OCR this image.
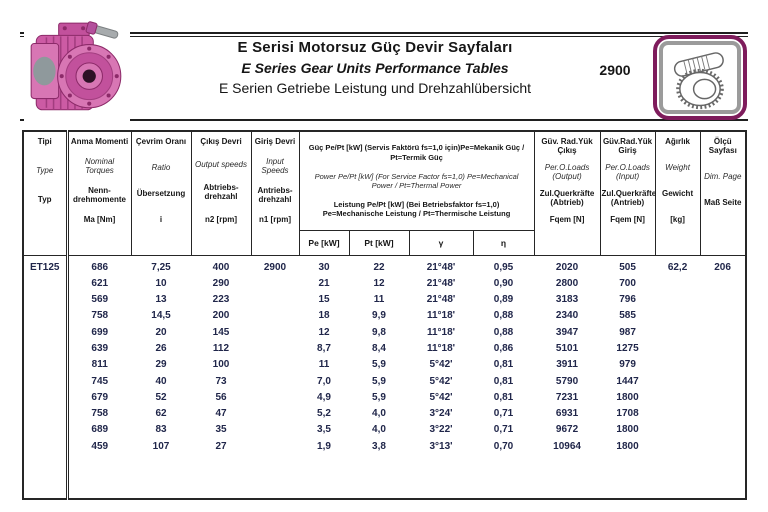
E Serisi Motorsuz Güç Devir Sayfaları
E Series Gear Units Performance Tables
E Serien Getriebe Leistung und Drehzahlübersicht
2900
Tipi
Type
Typ

Anma Momenti
Nominal Torques
Nenn-drehmomente
Ma [Nm]

Çevrim Oranı
Ratio
Übersetzung
i

Çıkış Devri
Output speeds
Abtriebs-drehzahl
n2 [rpm]

Giriş Devri
Input Speeds
Antriebs-drehzahl
n1 [rpm]

Güç Pe/Pt [kW] (Servis Faktörü fs=1,0 için)Pe=Mekanik Güç / Pt=Termik Güç
Power Pe/Pt [kW] (For Service Factor fs=1,0) Pe=Mechanical Power / Pt=Thermal Power
Leistung Pe/Pt [kW] (Bei Betriebsfaktor fs=1,0) Pe=Mechanische Leistung / Pt=Thermische Leistung

Güv. Rad.Yük Çıkış
Per.O.Loads (Output)
Zul.Querkräfte (Abtrieb)
Fqem [N]

Güv.Rad.Yük Giriş
Per.O.Loads (Input)
Zul.Querkräfte (Antrieb)
Fqem [N]

Ağırlık
Weight
Gewicht
[kg]

Ölçü Sayfası
Dim. Page
Maß Seite

					Pe [kW]	Pt [kW]	γ	η				

ET125	686	7,25	400	2900	30	22	21°48'	0,95	2020	505	62,2	206
	621	10	290		21	12	21°48'	0,90	2800	700		
	569	13	223		15	11	21°48'	0,89	3183	796		
	758	14,5	200		18	9,9	11°18'	0,88	2340	585		
	699	20	145		12	9,8	11°18'	0,88	3947	987		
	639	26	112		8,7	8,4	11°18'	0,86	5101	1275		
	811	29	100		11	5,9	5°42'	0,81	3911	979		
	745	40	73		7,0	5,9	5°42'	0,81	5790	1447		
	679	52	56		4,9	5,9	5°42'	0,81	7231	1800		
	758	62	47		5,2	4,0	3°24'	0,71	6931	1708		
	689	83	35		3,5	4,0	3°22'	0,71	9672	1800		
	459	107	27		1,9	3,8	3°13'	0,70	10964	1800		
